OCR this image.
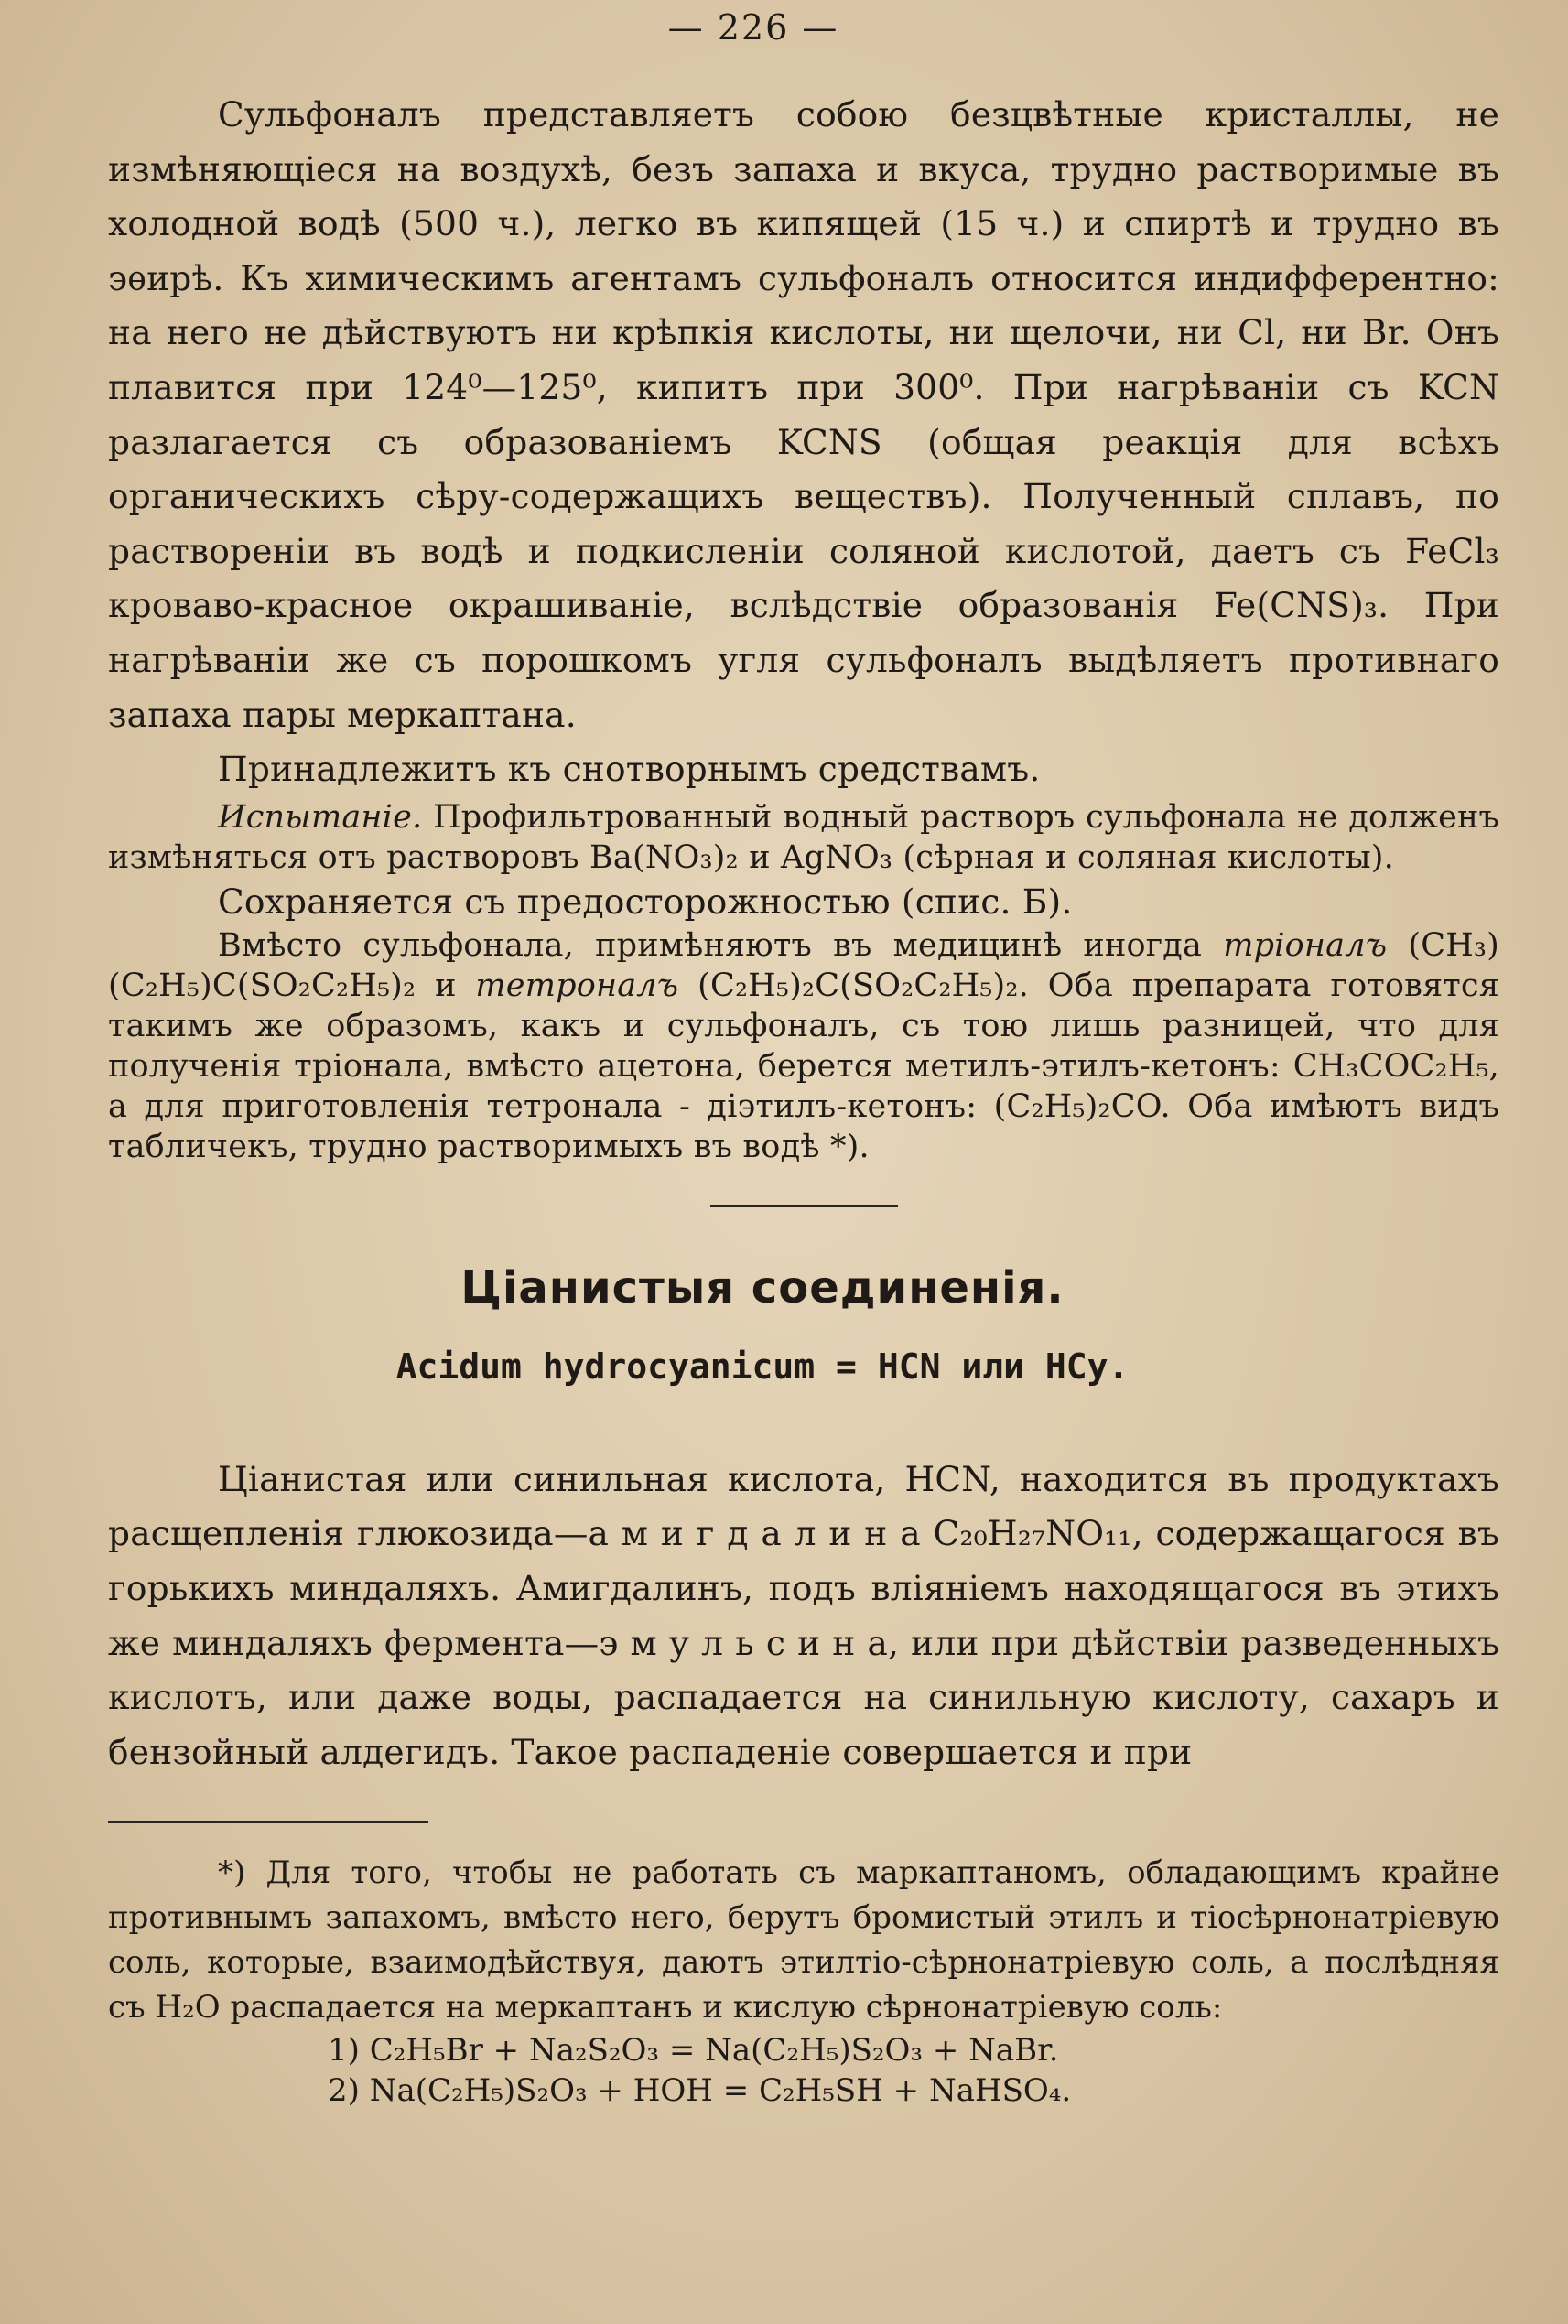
— 226 —

Сульфоналъ представляетъ собою безцвѣтные кристаллы, не измѣняющіеся на воздухѣ, безъ запаха и вкуса, трудно растворимые въ холодной водѣ (500 ч.), легко въ кипящей (15 ч.) и спиртѣ и трудно въ эѳирѣ. Къ химическимъ агентамъ сульфоналъ относится индифферентно: на него не дѣйствуютъ ни крѣпкія кислоты, ни щелочи, ни Cl, ни Br. Онъ плавится при 124⁰—125⁰, кипитъ при 300⁰. При нагрѣваніи съ KCN разлагается съ образованіемъ KCNS (общая реакція для всѣхъ органическихъ сѣру-содержащихъ веществъ). Полученный сплавъ, по раствореніи въ водѣ и подкисленіи соляной кислотой, даетъ съ FeCl₃ кроваво-красное окрашиваніе, вслѣдствіе образованія Fe(CNS)₃. При нагрѣваніи же съ порошкомъ угля сульфоналъ выдѣляетъ противнаго запаха пары меркаптана.

Принадлежитъ къ снотворнымъ средствамъ.

Испытаніе. Профильтрованный водный растворъ сульфонала не долженъ измѣняться отъ растворовъ Ba(NO₃)₂ и AgNO₃ (сѣрная и соляная кислоты).

Сохраняется съ предосторожностью (спис. Б).

Вмѣсто сульфонала, примѣняютъ въ медицинѣ иногда тріоналъ (CH₃)(C₂H₅)C(SO₂C₂H₅)₂ и тетроналъ (C₂H₅)₂C(SO₂C₂H₅)₂. Оба препарата готовятся такимъ же образомъ, какъ и сульфоналъ, съ тою лишь разницей, что для полученія тріонала, вмѣсто ацетона, берется метилъ-этилъ-кетонъ: CH₃COC₂H₅, а для приготовленія тетронала - діэтилъ-кетонъ: (C₂H₅)₂CO. Оба имѣютъ видъ табличекъ, трудно растворимыхъ въ водѣ *).

Ціанистыя соединенія.
Acidum hydrocyanicum = HCN или HCy.

Ціанистая или синильная кислота, HCN, находится въ продуктахъ расщепленія глюкозида—а м и г д а л и н а C₂₀H₂₇NO₁₁, содержащагося въ горькихъ миндаляхъ. Амигдалинъ, подъ вліяніемъ находящагося въ этихъ же миндаляхъ фермента—э м у л ь с и н а, или при дѣйствіи разведенныхъ кислотъ, или даже воды, распадается на синильную кислоту, сахаръ и бензойный алдегидъ. Такое распаденіе совершается и при

*) Для того, чтобы не работать съ маркаптаномъ, обладающимъ крайне противнымъ запахомъ, вмѣсто него, берутъ бромистый этилъ и тіосѣрнонатріевую соль, которые, взаимодѣйствуя, даютъ этилтіо-сѣрнонатріевую соль, а послѣдняя съ H₂O распадается на меркаптанъ и кислую сѣрнонатріевую соль:

1) C₂H₅Br + Na₂S₂O₃ = Na(C₂H₅)S₂O₃ + NaBr.
2) Na(C₂H₅)S₂O₃ + HOH = C₂H₅SH + NaHSO₄.
